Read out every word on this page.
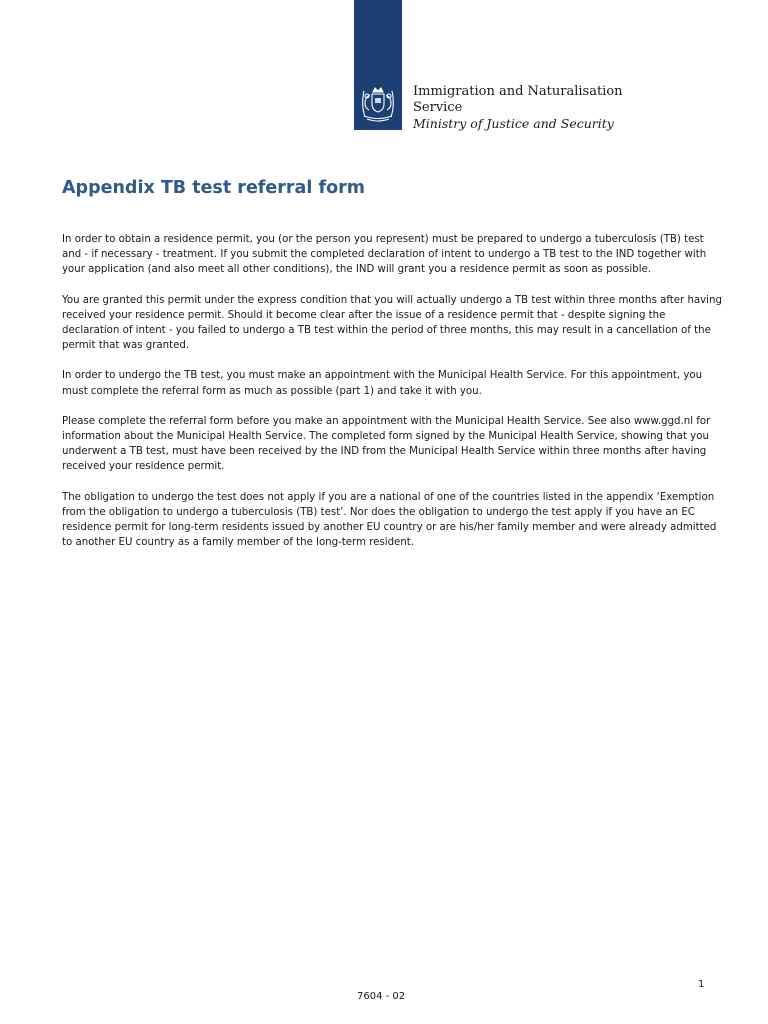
Immigration and Naturalisation
Service
Ministry of Justice and Security
Appendix TB test referral form

In order to obtain a residence permit, you (or the person you represent) must be prepared to undergo a tuberculosis (TB) test and - if necessary - treatment. If you submit the completed declaration of intent to undergo a TB test to the IND together with your application (and also meet all other conditions), the IND will grant you a residence permit as soon as possible.

You are granted this permit under the express condition that you will actually undergo a TB test within three months after having received your residence permit. Should it become clear after the issue of a residence permit that - despite signing the declaration of intent - you failed to undergo a TB test within the period of three months, this may result in a cancellation of the permit that was granted.

In order to undergo the TB test, you must make an appointment with the Municipal Health Service. For this appointment, you must complete the referral form as much as possible (part 1) and take it with you.

Please complete the referral form before you make an appointment with the Municipal Health Service. See also www.ggd.nl for information about the Municipal Health Service. The completed form signed by the Municipal Health Service, showing that you underwent a TB test, must have been received by the IND from the Municipal Health Service within three months after having received your residence permit.

The obligation to undergo the test does not apply if you are a national of one of the countries listed in the appendix ‘Exemption from the obligation to undergo a tuberculosis (TB) test’. Nor does the obligation to undergo the test apply if you have an EC residence permit for long-term residents issued by another EU country or are his/her family member and were already admitted to another EU country as a family member of the long-term resident.

1
7604 - 02
